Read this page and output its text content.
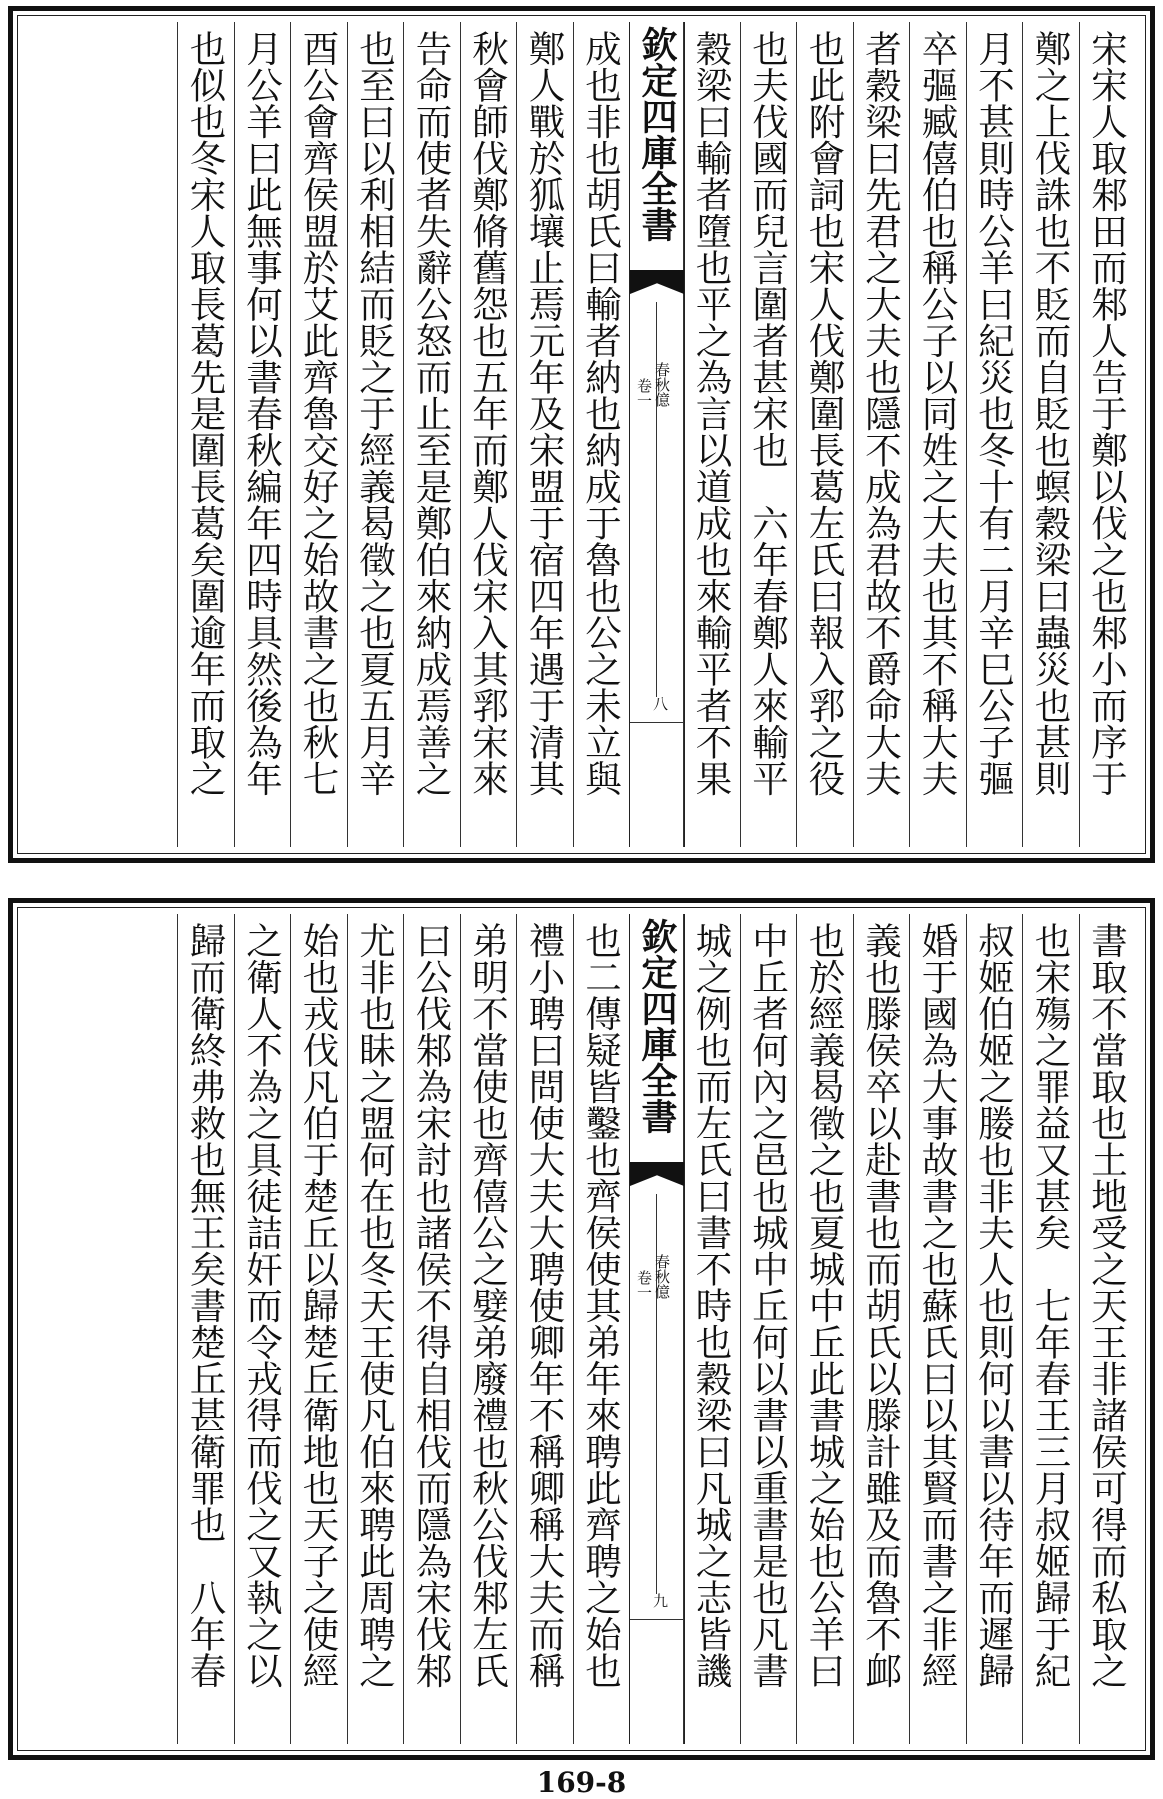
宋宋人取邾田而邾人告于鄭以伐之也邾小而序于
鄭之上伐誅也不貶而自貶也螟穀梁曰蟲災也甚則
月不甚則時公羊曰紀災也冬十有二月辛巳公子彄
卒彄臧僖伯也稱公子以同姓之大夫也其不稱大夫
者穀梁曰先君之大夫也隱不成為君故不爵命大夫
也此附會詞也宋人伐鄭圍長葛左氏曰報入郛之役
也夫伐國而兒言圍者甚宋也　六年春鄭人來輸平
穀梁曰輸者墮也平之為言以道成也來輸平者不果
成也非也胡氏曰輸者納也納成于魯也公之未立與
鄭人戰於狐壤止焉元年及宋盟于宿四年遇于清其
秋會師伐鄭脩舊怨也五年而鄭人伐宋入其郛宋來
告命而使者失辭公怒而止至是鄭伯來納成焉善之
也至曰以利相結而貶之于經義曷徵之也夏五月辛
酉公會齊侯盟於艾此齊魯交好之始故書之也秋七
月公羊曰此無事何以書春秋編年四時具然後為年
也似也冬宋人取長葛先是圍長葛矣圍逾年而取之	欽定四庫全書
春秋億
卷一
八
書取不當取也土地受之天王非諸侯可得而私取之
也宋殤之罪益又甚矣　七年春王三月叔姬歸于紀
叔姬伯姬之媵也非夫人也則何以書以待年而遲歸
婚于國為大事故書之也蘇氏曰以其賢而書之非經
義也滕侯卒以赴書也而胡氏以滕計雖及而魯不䘏
也於經義曷徵之也夏城中丘此書城之始也公羊曰
中丘者何內之邑也城中丘何以書以重書是也凡書
城之例也而左氏曰書不時也穀梁曰凡城之志皆譏
也二傳疑皆鑿也齊侯使其弟年來聘此齊聘之始也
禮小聘曰問使大夫大聘使卿年不稱卿稱大夫而稱
弟明不當使也齊僖公之嬖弟廢禮也秋公伐邾左氏
曰公伐邾為宋討也諸侯不得自相伐而隱為宋伐邾
尤非也眛之盟何在也冬天王使凡伯來聘此周聘之
始也戎伐凡伯于楚丘以歸楚丘衛地也天子之使經
之衛人不為之具徒詰奸而令戎得而伐之又執之以
歸而衛終弗救也無王矣書楚丘甚衛罪也　八年春	欽定四庫全書
春秋億
卷一
九
169-8
